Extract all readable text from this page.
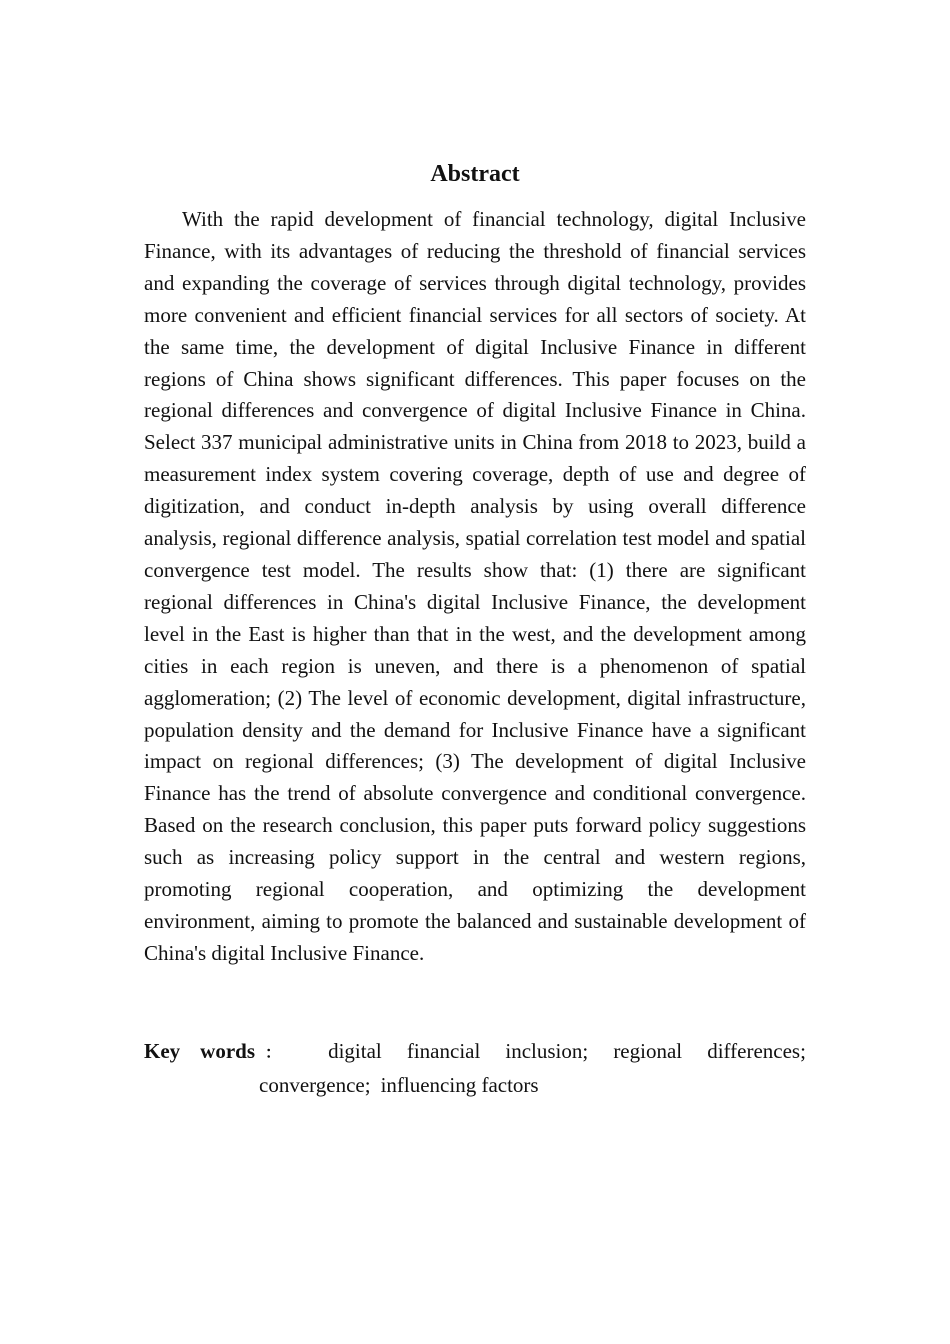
Abstract

With the rapid development of financial technology, digital Inclusive Finance, with its advantages of reducing the threshold of financial services and expanding the coverage of services through digital technology, provides more convenient and efficient financial services for all sectors of society. At the same time, the development of digital Inclusive Finance in different regions of China shows significant differences. This paper focuses on the regional differences and convergence of digital Inclusive Finance in China. Select 337 municipal administrative units in China from 2018 to 2023, build a measurement index system covering coverage, depth of use and degree of digitization, and conduct in-depth analysis by using overall difference analysis, regional difference analysis, spatial correlation test model and spatial convergence test model. The results show that: (1) there are significant regional differences in China's digital Inclusive Finance, the development level in the East is higher than that in the west, and the development among cities in each region is uneven, and there is a phenomenon of spatial agglomeration; (2) The level of economic development, digital infrastructure, population density and the demand for Inclusive Finance have a significant impact on regional differences; (3) The development of digital Inclusive Finance has the trend of absolute convergence and conditional convergence. Based on the research conclusion, this paper puts forward policy suggestions such as increasing policy support in the central and western regions, promoting regional cooperation, and optimizing the development environment, aiming to promote the balanced and sustainable development of China's digital Inclusive Finance.

Key words ：	digital financial inclusion; regional differences;
convergence; influencing factors
